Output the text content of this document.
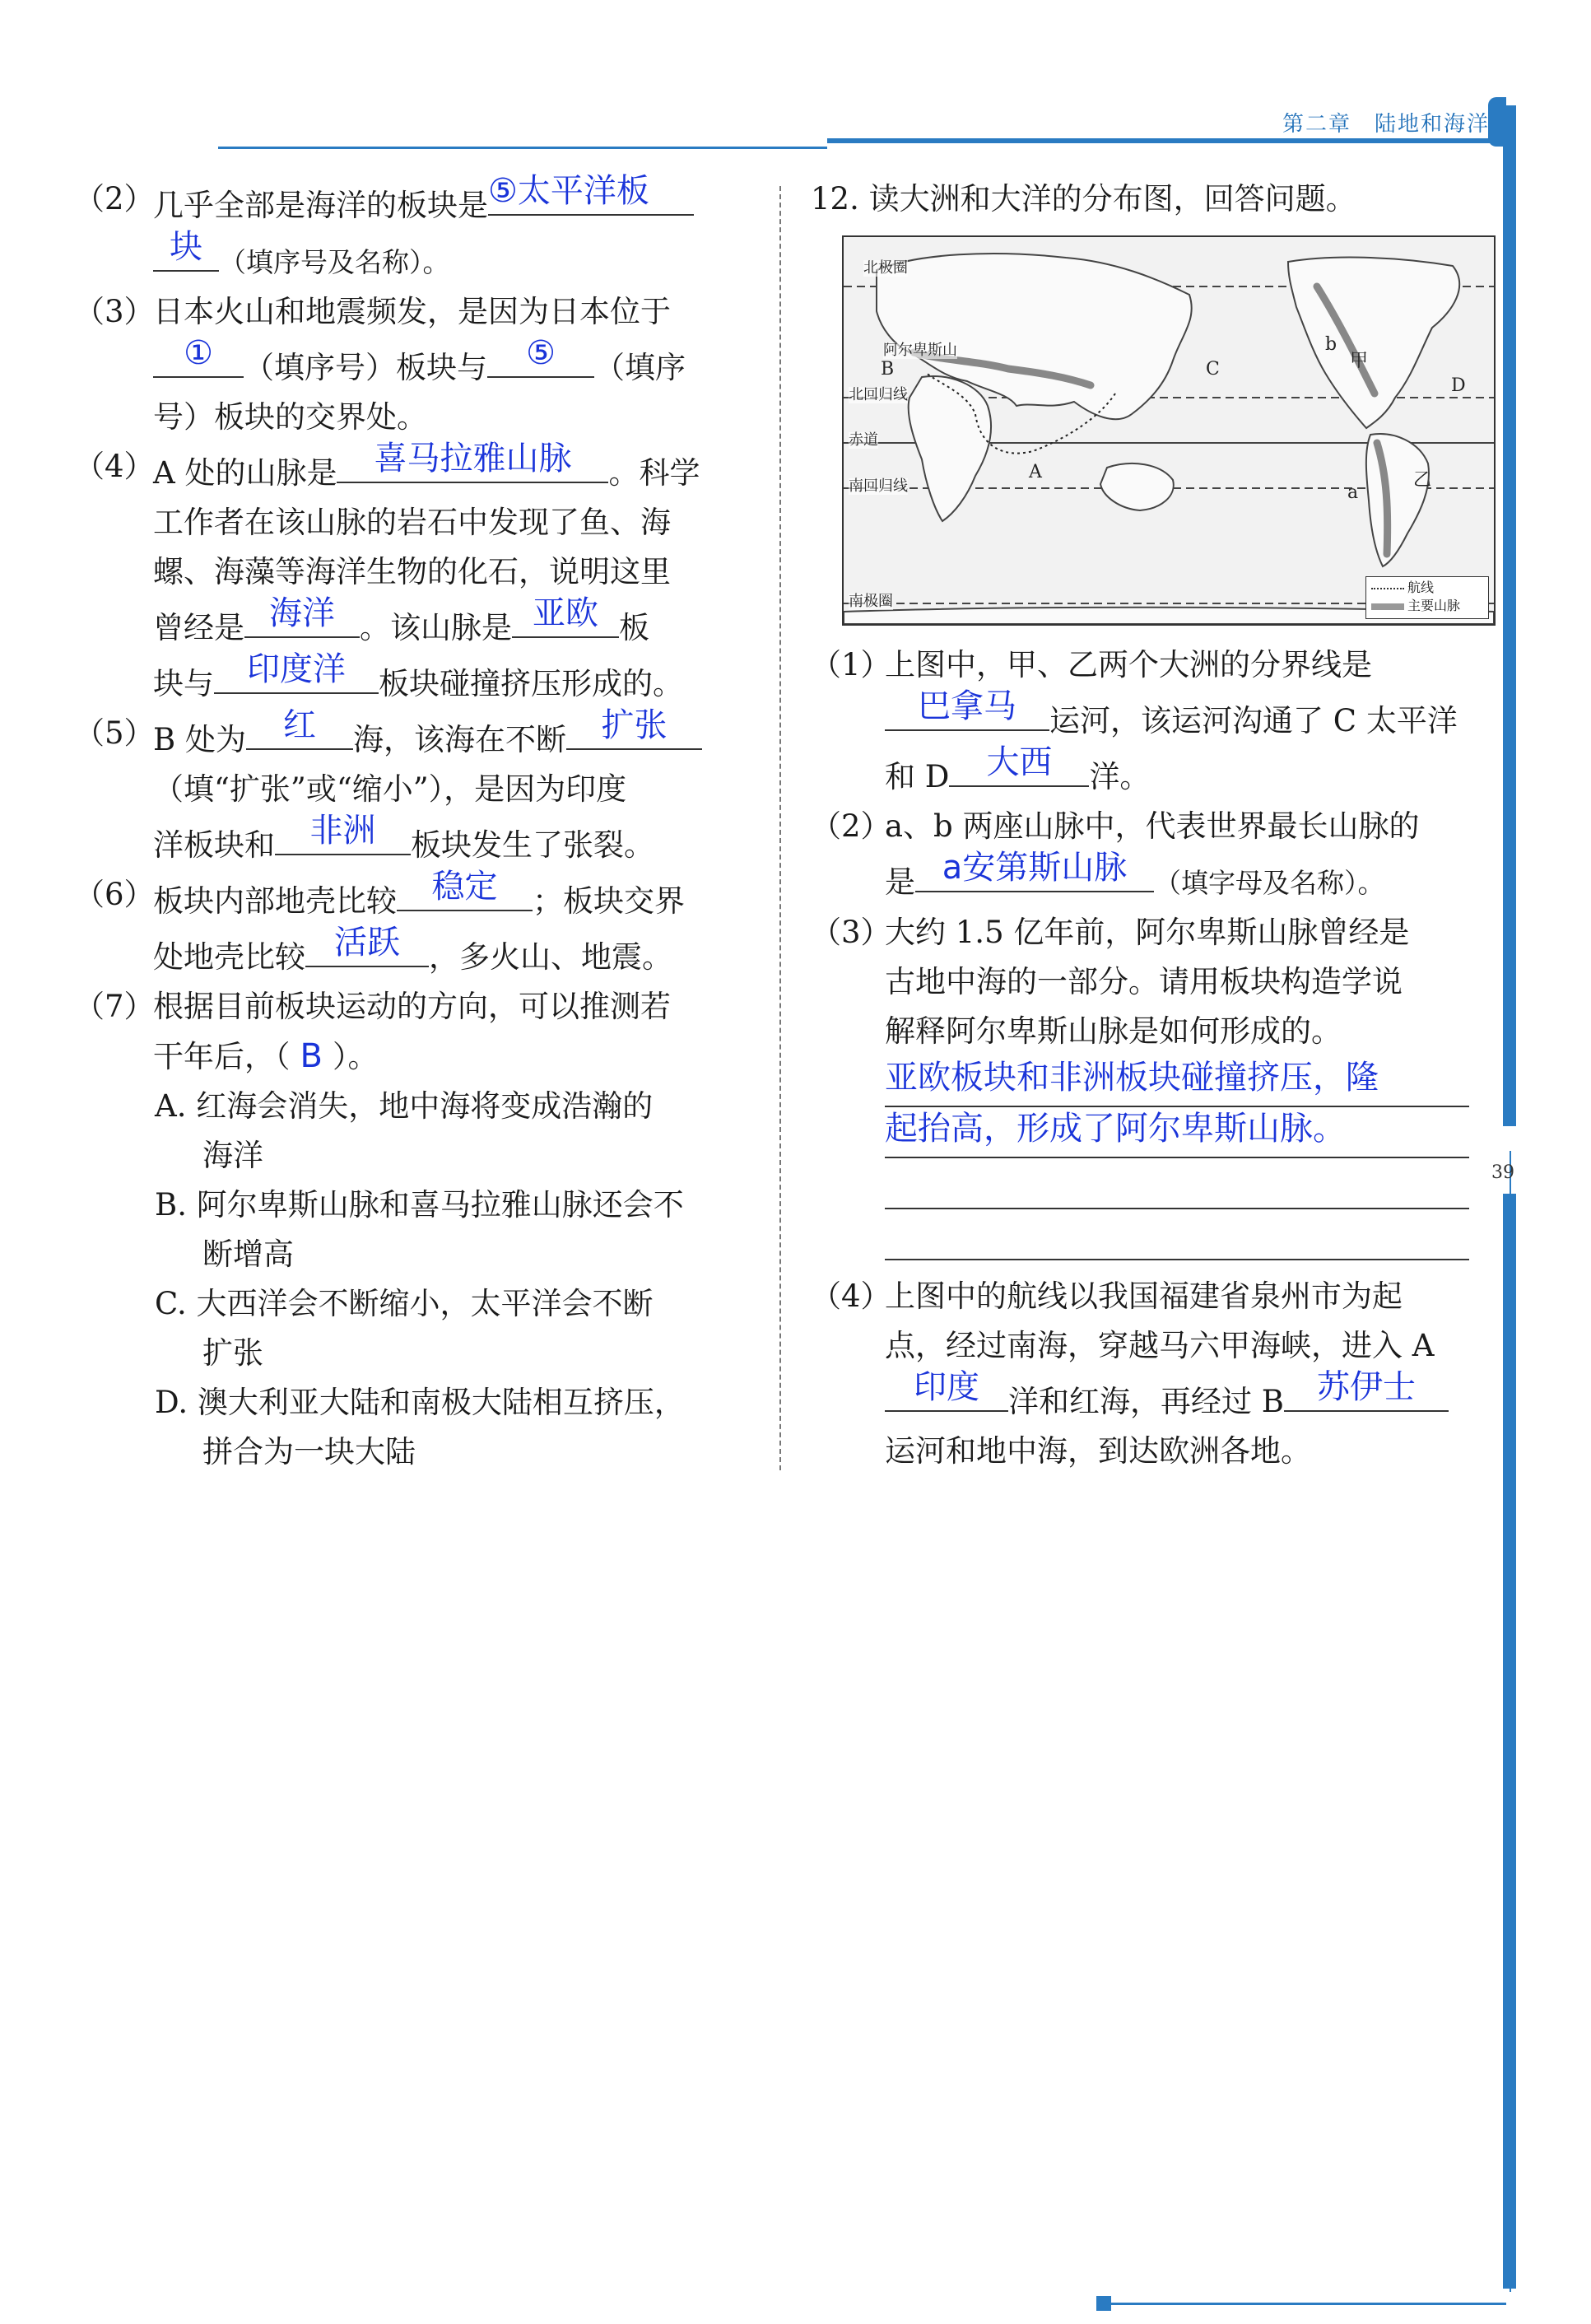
第二章　陆地和海洋
39
（2）
几乎全部是海洋的板块是 ⑤太平洋板

块 （填序号及名称）。
（3）
日本火山和地震频发，是因为日本位于

①	（填序号）板块与	⑤	（填序
号）板块的交界处。
（4）
A 处的山脉是	喜马拉雅山脉	。科学
工作者在该山脉的岩石中发现了鱼、海
螺、海藻等海洋生物的化石，说明这里
曾经是 海洋 。该山脉是 亚欧 板
块与	印度洋	板块碰撞挤压形成的。
（5）
B 处为	红	海，该海在不断	扩张

（填“扩张”或“缩小”），是因为印度
洋板块和	非洲	板块发生了张裂。
（6）
板块内部地壳比较	稳定	；板块交界
处地壳比较 活跃 ，多火山、地震。
（7）
根据目前板块运动的方向，可以推测若
干年后，（ B ）。
A. 红海会消失，地中海将变成浩瀚的
海洋
B. 阿尔卑斯山脉和喜马拉雅山脉还会不
断增高
C. 大西洋会不断缩小，太平洋会不断
扩张
D. 澳大利亚大陆和南极大陆相互挤压，
拼合为一块大陆
12. 读大洲和大洋的分布图，回答问题。
北极圈
阿尔卑斯山
北回归线
赤道
南回归线
南极圈
B
A
C
D
b
a
甲
乙
航线
主要山脉
（1）
上图中，甲、乙两个大洲的分界线是

巴拿马	运河，该运河沟通了 C 太平洋
和 D	大西	洋。
（2）
a、b 两座山脉中，代表世界最长山脉的
是 a安第斯山脉 （填字母及名称）。
（3）
大约 1.5 亿年前，阿尔卑斯山脉曾经是
古地中海的一部分。请用板块构造学说
解释阿尔卑斯山脉是如何形成的。
亚欧板块和非洲板块碰撞挤压，隆
起抬高，形成了阿尔卑斯山脉。
（4）
上图中的航线以我国福建省泉州市为起
点，经过南海，穿越马六甲海峡，进入 A

印度 洋和红海，再经过 B	苏伊士

运河和地中海，到达欧洲各地。
